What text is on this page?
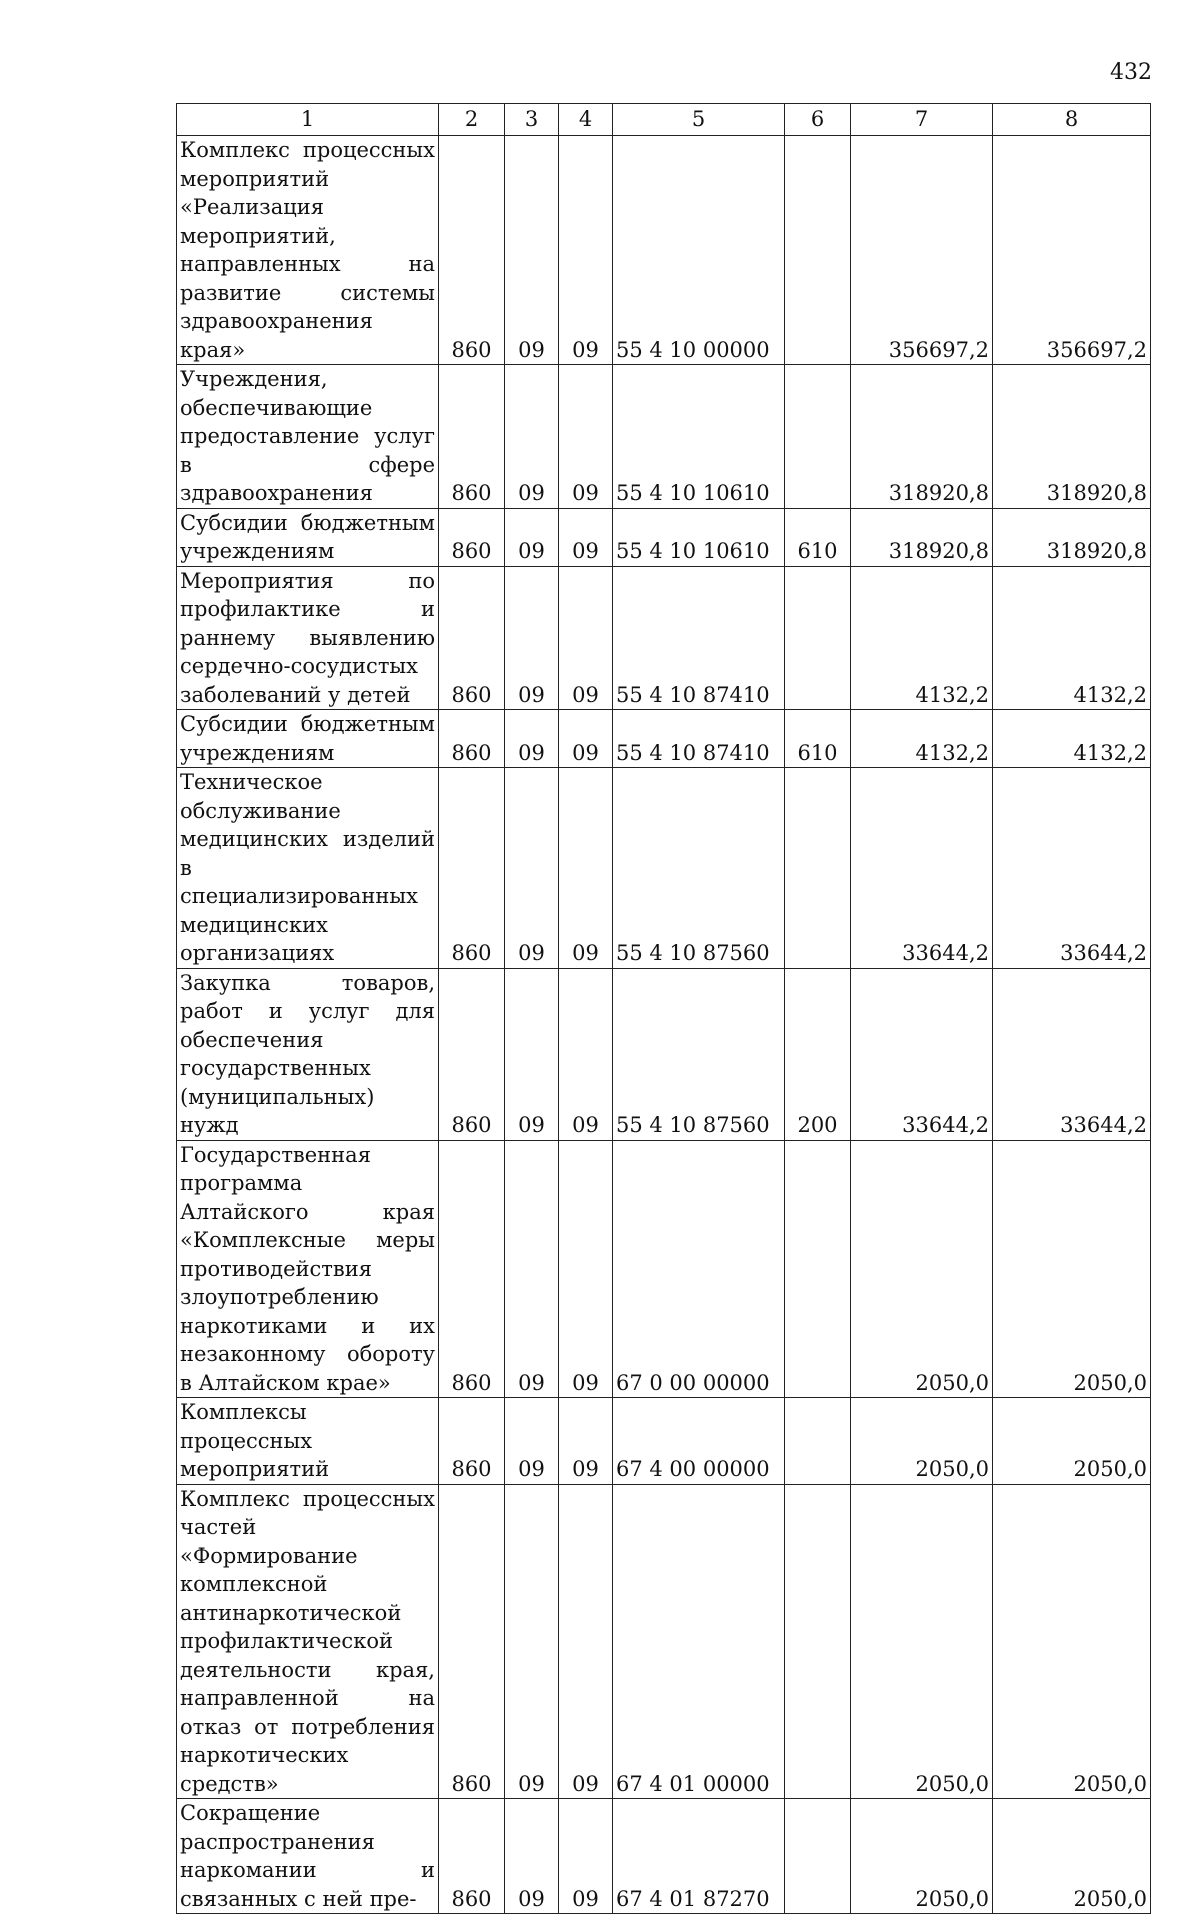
432
1	2	3	4	5	6	7	8
Комплекс процессных мероприятий «Реализация мероприятий, направленных на развитие системы здравоохранения края»	860	09	09	55 4 10 00000		356697,2	356697,2
Учреждения, обеспечивающие предоставление услуг в сфере здравоохранения	860	09	09	55 4 10 10610		318920,8	318920,8
Субсидии бюджетным учреждениям	860	09	09	55 4 10 10610	610	318920,8	318920,8
Мероприятия по профилактике и раннему выявлению сердечно-сосудистых заболеваний у детей	860	09	09	55 4 10 87410		4132,2	4132,2
Субсидии бюджетным учреждениям	860	09	09	55 4 10 87410	610	4132,2	4132,2
Техническое обслуживание медицинских изделий в специализированных медицинских организациях	860	09	09	55 4 10 87560		33644,2	33644,2
Закупка товаров, работ и услуг для обеспечения государственных (муниципальных) нужд	860	09	09	55 4 10 87560	200	33644,2	33644,2
Государственная программа Алтайского края «Комплексные меры противодействия злоупотреблению наркотиками и их незаконному обороту в Алтайском крае»	860	09	09	67 0 00 00000		2050,0	2050,0
Комплексы процессных мероприятий	860	09	09	67 4 00 00000		2050,0	2050,0
Комплекс процессных частей «Формирование комплексной антинаркотической профилактической деятельности края, направленной на отказ от потребления наркотических средств»	860	09	09	67 4 01 00000		2050,0	2050,0
Сокращение распространения наркомании и связанных с ней пре-	860	09	09	67 4 01 87270		2050,0	2050,0
